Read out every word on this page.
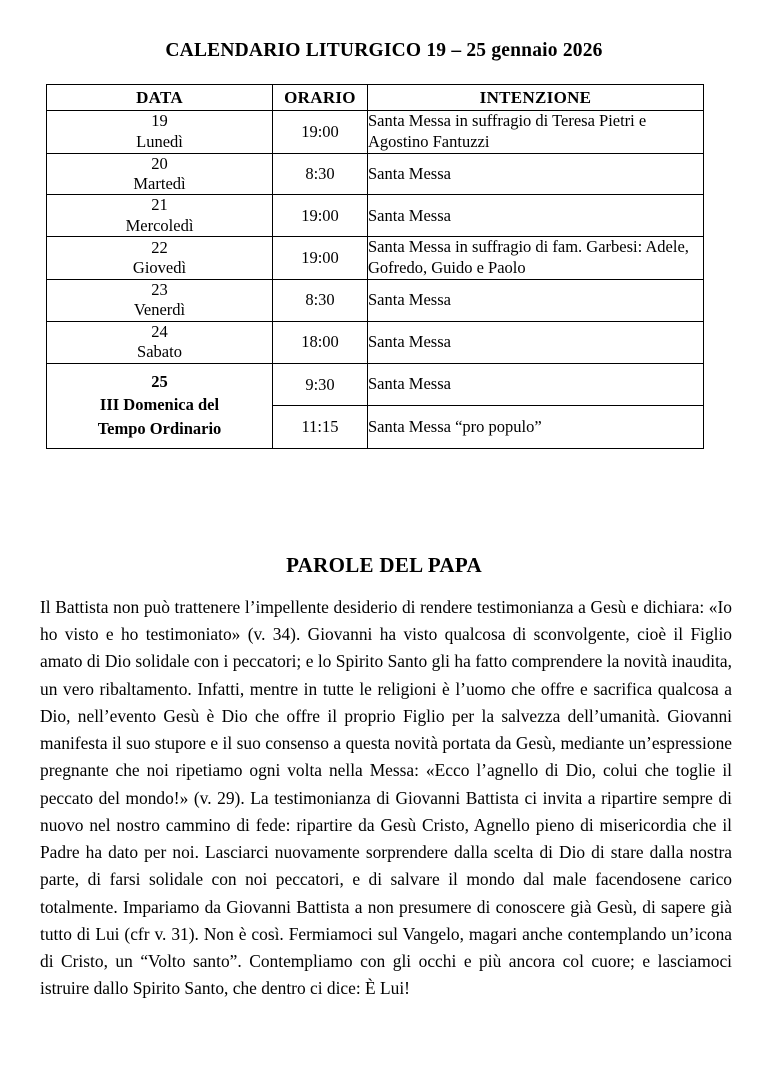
CALENDARIO LITURGICO 19 – 25 gennaio 2026
DATA	ORARIO	INTENZIONE

19
Lunedì	19:00	Santa Messa in suffragio di Teresa Pietri e Agostino Fantuzzi

20
Martedì	8:30	Santa Messa

21
Mercoledì	19:00	Santa Messa

22
Giovedì	19:00	Santa Messa in suffragio di fam. Garbesi: Adele, Gofredo, Guido e Paolo

23
Venerdì	8:30	Santa Messa

24
Sabato	18:00	Santa Messa

25
III Domenica del
Tempo Ordinario	9:30	Santa Messa
	11:15	Santa Messa “pro populo”
PAROLE DEL PAPA
Il Battista non può trattenere l’impellente desiderio di rendere testimonianza a Gesù e dichiara: «Io ho visto e ho testimoniato» (v. 34). Giovanni ha visto qualcosa di sconvolgente, cioè il Figlio amato di Dio solidale con i peccatori; e lo Spirito Santo gli ha fatto comprendere la novità inaudita, un vero ribaltamento. Infatti, mentre in tutte le religioni è l’uomo che offre e sacrifica qualcosa a Dio, nell’evento Gesù è Dio che offre il proprio Figlio per la salvezza dell’umanità. Giovanni manifesta il suo stupore e il suo consenso a questa novità portata da Gesù, mediante un’espressione pregnante che noi ripetiamo ogni volta nella Messa: «Ecco l’agnello di Dio, colui che toglie il peccato del mondo!» (v. 29). La testimonianza di Giovanni Battista ci invita a ripartire sempre di nuovo nel nostro cammino di fede: ripartire da Gesù Cristo, Agnello pieno di misericordia che il Padre ha dato per noi. Lasciarci nuovamente sorprendere dalla scelta di Dio di stare dalla nostra parte, di farsi solidale con noi peccatori, e di salvare il mondo dal male facendosene carico totalmente. Impariamo da Giovanni Battista a non presumere di conoscere già Gesù, di sapere già tutto di Lui (cfr v. 31). Non è così. Fermiamoci sul Vangelo, magari anche contemplando un’icona di Cristo, un “Volto santo”. Contempliamo con gli occhi e più ancora col cuore; e lasciamoci istruire dallo Spirito Santo, che dentro ci dice: È Lui!
